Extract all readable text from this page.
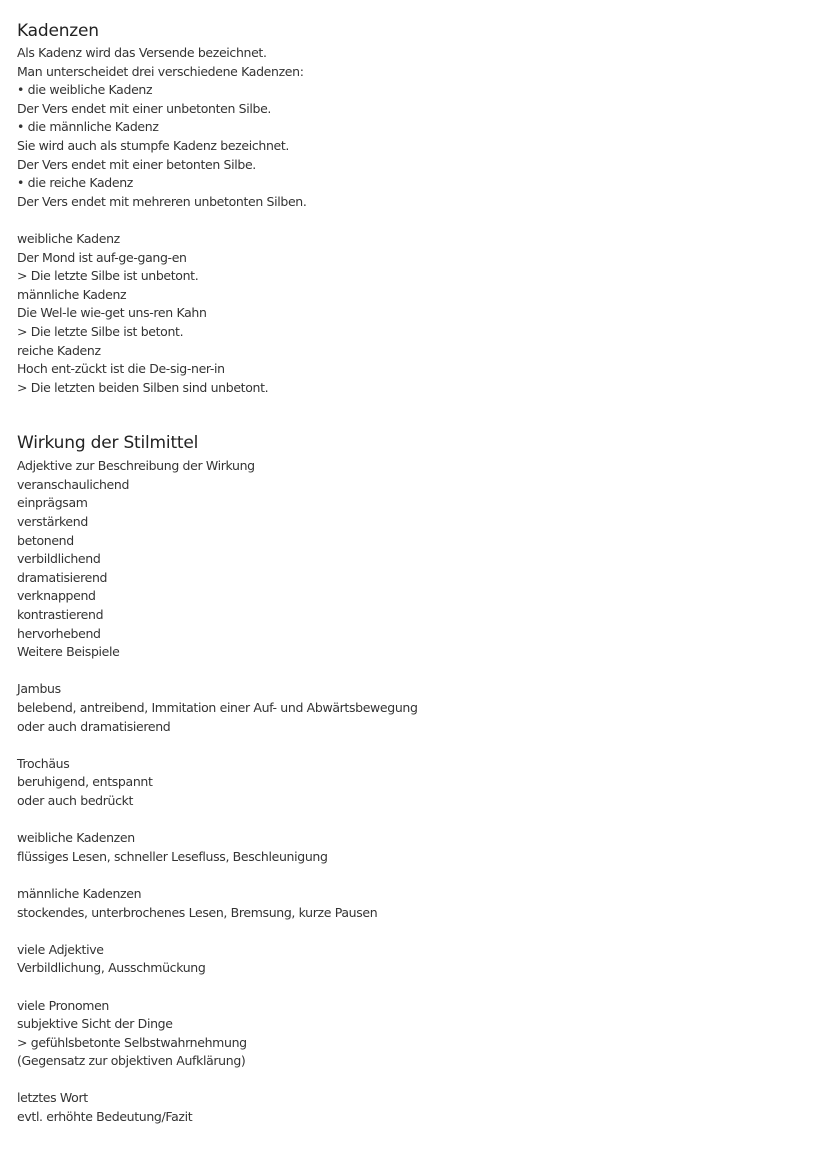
Kadenzen
Als Kadenz wird das Versende bezeichnet.
Man unterscheidet drei verschiedene Kadenzen:
• die weibliche Kadenz
Der Vers endet mit einer unbetonten Silbe.
• die männliche Kadenz
Sie wird auch als stumpfe Kadenz bezeichnet.
Der Vers endet mit einer betonten Silbe.
• die reiche Kadenz
Der Vers endet mit mehreren unbetonten Silben.
weibliche Kadenz
Der Mond ist auf-ge-gang-en
> Die letzte Silbe ist unbetont.
männliche Kadenz
Die Wel-le wie-get uns-ren Kahn
> Die letzte Silbe ist betont.
reiche Kadenz
Hoch ent-zückt ist die De-sig-ner-in
> Die letzten beiden Silben sind unbetont.
Wirkung der Stilmittel
Adjektive zur Beschreibung der Wirkung
veranschaulichend
einprägsam
verstärkend
betonend
verbildlichend
dramatisierend
verknappend
kontrastierend
hervorhebend
Weitere Beispiele
Jambus
belebend, antreibend, Immitation einer Auf- und Abwärtsbewegung
oder auch dramatisierend
Trochäus
beruhigend, entspannt
oder auch bedrückt
weibliche Kadenzen
flüssiges Lesen, schneller Lesefluss, Beschleunigung
männliche Kadenzen
stockendes, unterbrochenes Lesen, Bremsung, kurze Pausen
viele Adjektive
Verbildlichung, Ausschmückung
viele Pronomen
subjektive Sicht der Dinge
> gefühlsbetonte Selbstwahrnehmung
(Gegensatz zur objektiven Aufklärung)
letztes Wort
evtl. erhöhte Bedeutung/Fazit
